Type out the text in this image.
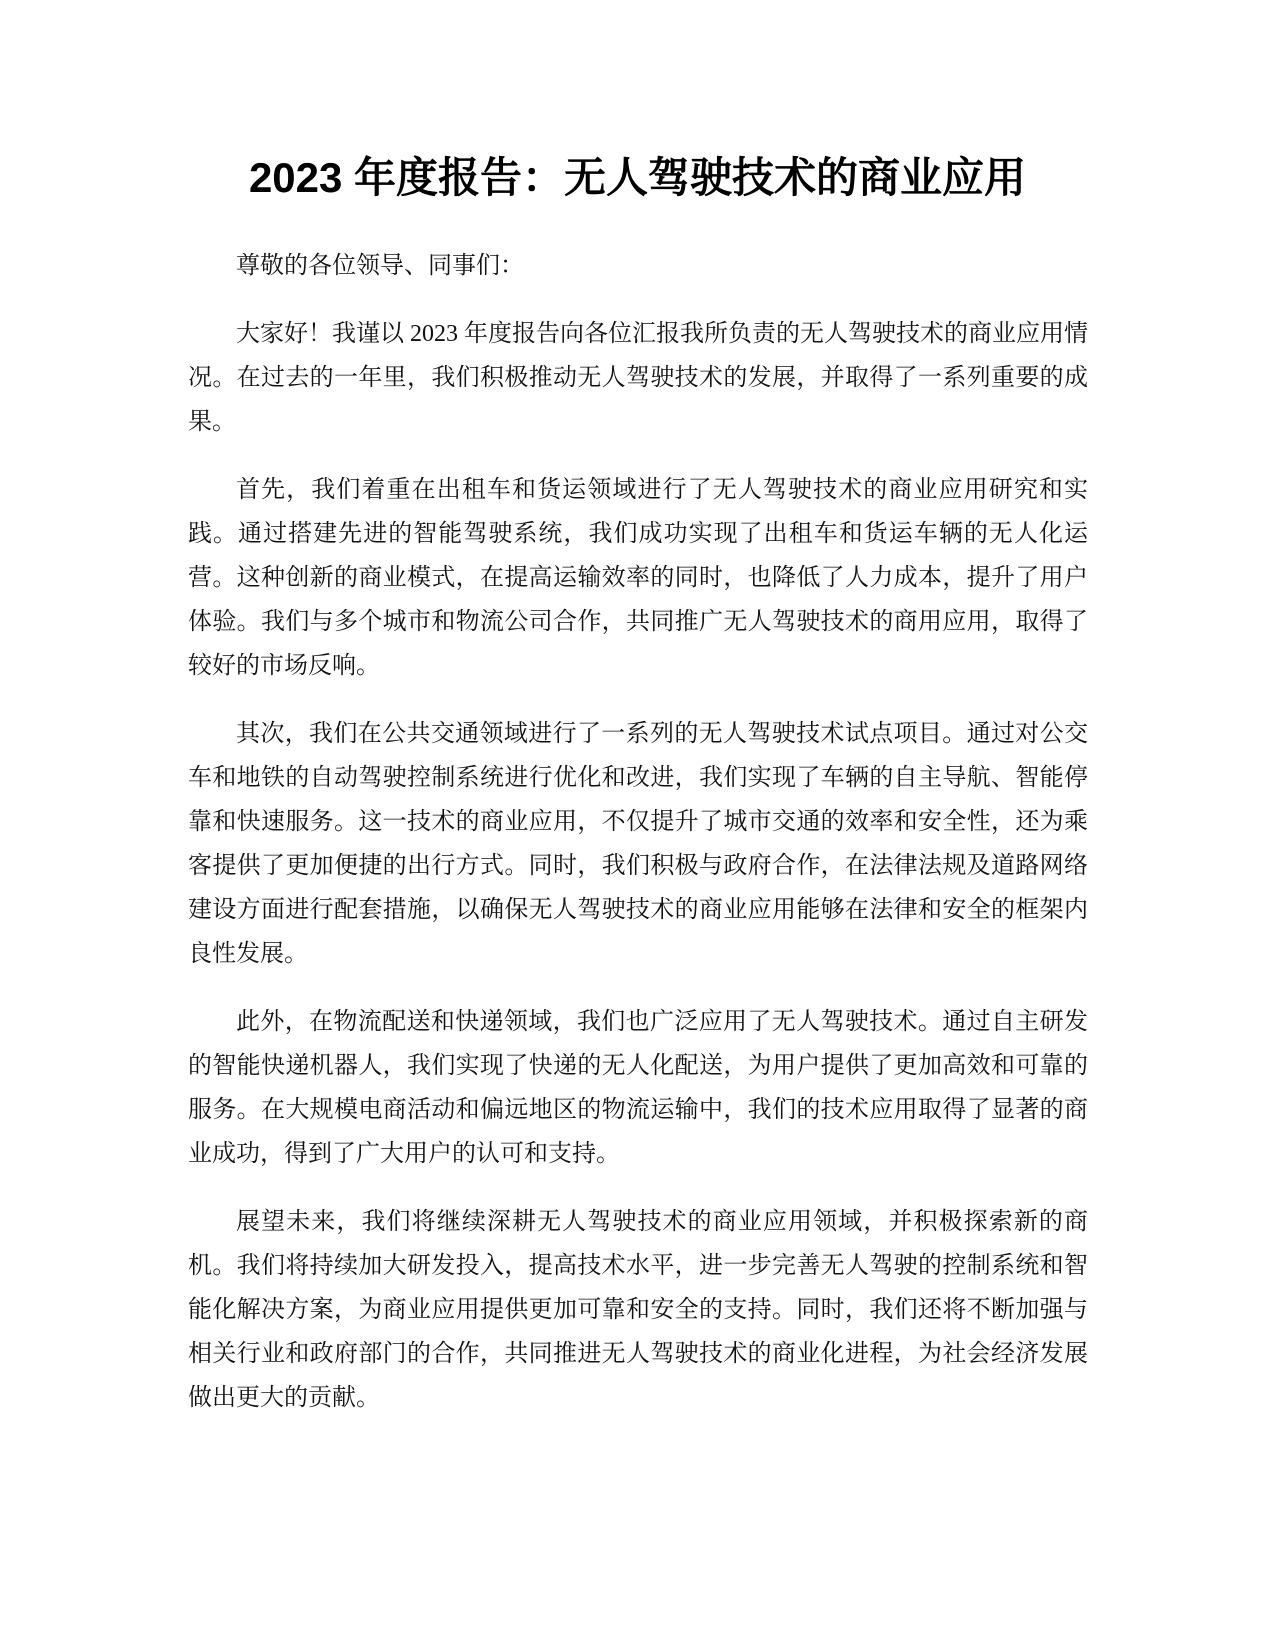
2023 年度报告：无人驾驶技术的商业应用

尊敬的各位领导、同事们：

大家好！我谨以 2023 年度报告向各位汇报我所负责的无人驾驶技术的商业应用情况。在过去的一年里，我们积极推动无人驾驶技术的发展，并取得了一系列重要的成果。

首先，我们着重在出租车和货运领域进行了无人驾驶技术的商业应用研究和实践。通过搭建先进的智能驾驶系统，我们成功实现了出租车和货运车辆的无人化运营。这种创新的商业模式，在提高运输效率的同时，也降低了人力成本，提升了用户体验。我们与多个城市和物流公司合作，共同推广无人驾驶技术的商用应用，取得了较好的市场反响。

其次，我们在公共交通领域进行了一系列的无人驾驶技术试点项目。通过对公交车和地铁的自动驾驶控制系统进行优化和改进，我们实现了车辆的自主导航、智能停靠和快速服务。这一技术的商业应用，不仅提升了城市交通的效率和安全性，还为乘客提供了更加便捷的出行方式。同时，我们积极与政府合作，在法律法规及道路网络建设方面进行配套措施，以确保无人驾驶技术的商业应用能够在法律和安全的框架内良性发展。

此外，在物流配送和快递领域，我们也广泛应用了无人驾驶技术。通过自主研发的智能快递机器人，我们实现了快递的无人化配送，为用户提供了更加高效和可靠的服务。在大规模电商活动和偏远地区的物流运输中，我们的技术应用取得了显著的商业成功，得到了广大用户的认可和支持。

展望未来，我们将继续深耕无人驾驶技术的商业应用领域，并积极探索新的商机。我们将持续加大研发投入，提高技术水平，进一步完善无人驾驶的控制系统和智能化解决方案，为商业应用提供更加可靠和安全的支持。同时，我们还将不断加强与相关行业和政府部门的合作，共同推进无人驾驶技术的商业化进程，为社会经济发展做出更大的贡献。
